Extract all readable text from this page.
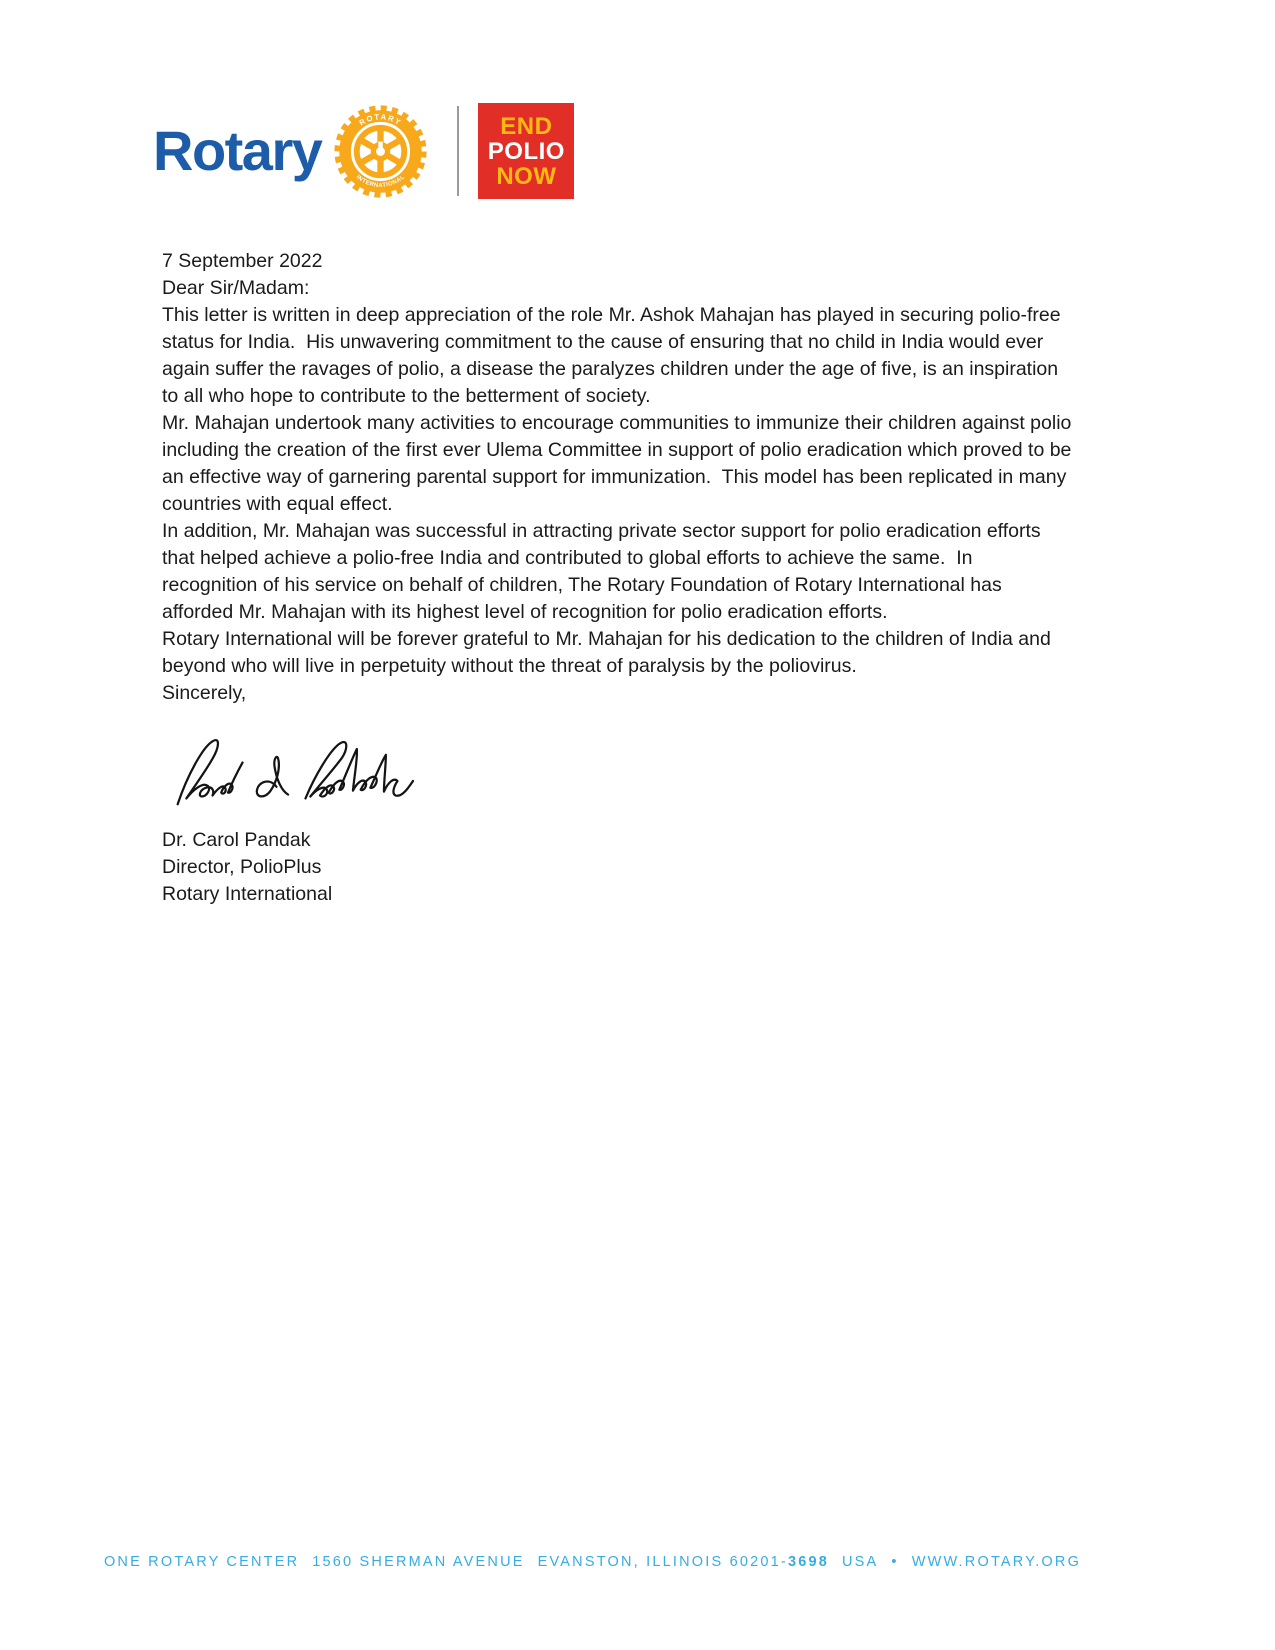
Rotary	ROTARY
INTERNATIONAL
END
POLIO
NOW

7 September 2022

Dear Sir/Madam:

This letter is written in deep appreciation of the role Mr. Ashok Mahajan has played in securing polio-free status for India.  His unwavering commitment to the cause of ensuring that no child in India would ever again suffer the ravages of polio, a disease the paralyzes children under the age of five, is an inspiration to all who hope to contribute to the betterment of society.

Mr. Mahajan undertook many activities to encourage communities to immunize their children against polio including the creation of the first ever Ulema Committee in support of polio eradication which proved to be an effective way of garnering parental support for immunization.  This model has been replicated in many countries with equal effect.

In addition, Mr. Mahajan was successful in attracting private sector support for polio eradication efforts that helped achieve a polio-free India and contributed to global efforts to achieve the same.  In recognition of his service on behalf of children, The Rotary Foundation of Rotary International has afforded Mr. Mahajan with its highest level of recognition for polio eradication efforts.

Rotary International will be forever grateful to Mr. Mahajan for his dedication to the children of India and beyond who will live in perpetuity without the threat of paralysis by the poliovirus.

Sincerely,

Dr. Carol Pandak

Director, PolioPlus

Rotary International

ONE ROTARY CENTER 1560 SHERMAN AVENUE EVANSTON, ILLINOIS 60201- 3698 USA • WWW.ROTARY.ORG
